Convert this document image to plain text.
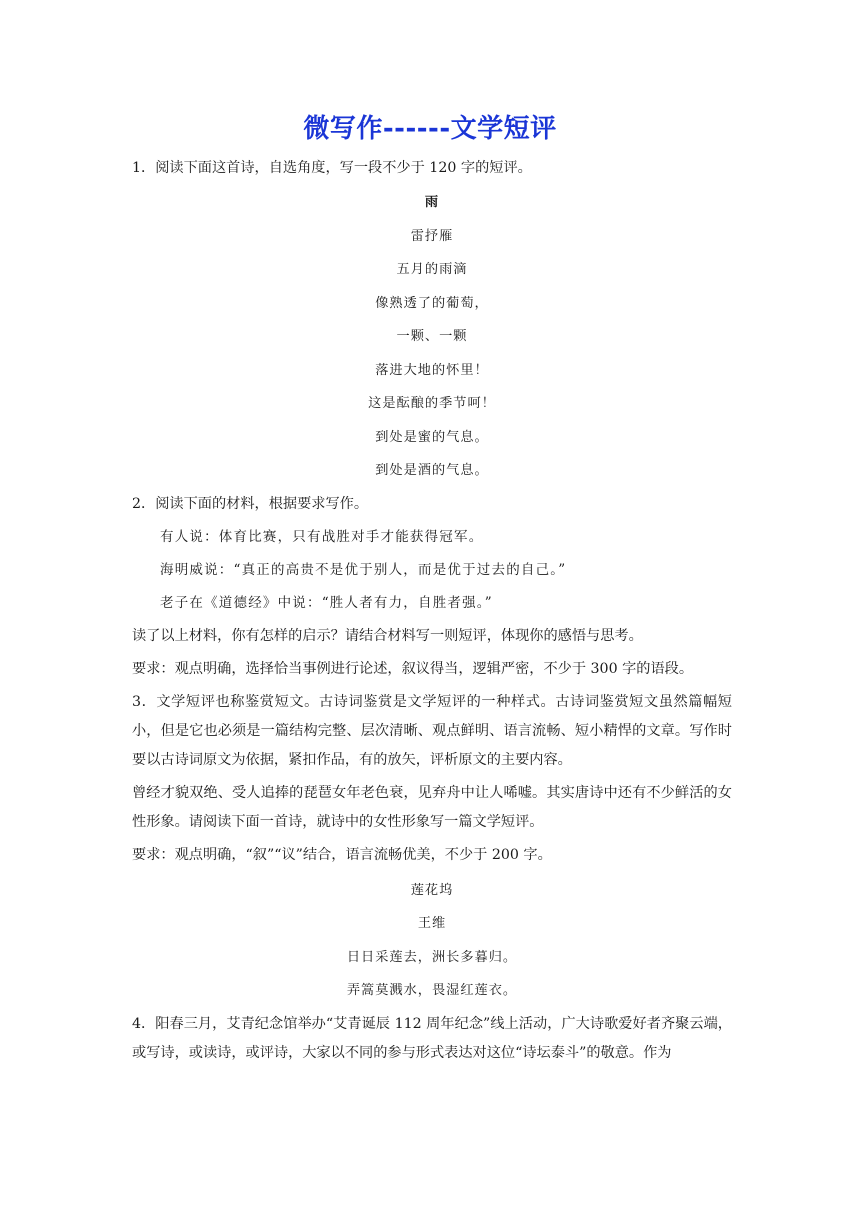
微写作------文学短评

1．阅读下面这首诗，自选角度，写一段不少于 120 字的短评。

雨

雷抒雁

五月的雨滴

像熟透了的葡萄，

一颗、一颗

落进大地的怀里！

这是酝酿的季节呵！

到处是蜜的气息。

到处是酒的气息。

2．阅读下面的材料，根据要求写作。

有人说：体育比赛，只有战胜对手才能获得冠军。

海明威说：“真正的高贵不是优于别人，而是优于过去的自己。”

老子在《道德经》中说：“胜人者有力，自胜者强。”

读了以上材料，你有怎样的启示？请结合材料写一则短评，体现你的感悟与思考。

要求：观点明确，选择恰当事例进行论述，叙议得当，逻辑严密，不少于 300 字的语段。

3．文学短评也称鉴赏短文。古诗词鉴赏是文学短评的一种样式。古诗词鉴赏短文虽然篇幅短小，但是它也必须是一篇结构完整、层次清晰、观点鲜明、语言流畅、短小精悍的文章。写作时要以古诗词原文为依据，紧扣作品，有的放矢，评析原文的主要内容。

曾经才貌双绝、受人追捧的琵琶女年老色衰，见弃舟中让人唏嘘。其实唐诗中还有不少鲜活的女性形象。请阅读下面一首诗，就诗中的女性形象写一篇文学短评。

要求：观点明确，“叙”“议”结合，语言流畅优美，不少于 200 字。

莲花坞

王维

日日采莲去，洲长多暮归。

弄篙莫溅水，畏湿红莲衣。

4．阳春三月，艾青纪念馆举办“艾青诞辰 112 周年纪念”线上活动，广大诗歌爱好者齐聚云端，或写诗，或读诗，或评诗，大家以不同的参与形式表达对这位“诗坛泰斗”的敬意。作为
